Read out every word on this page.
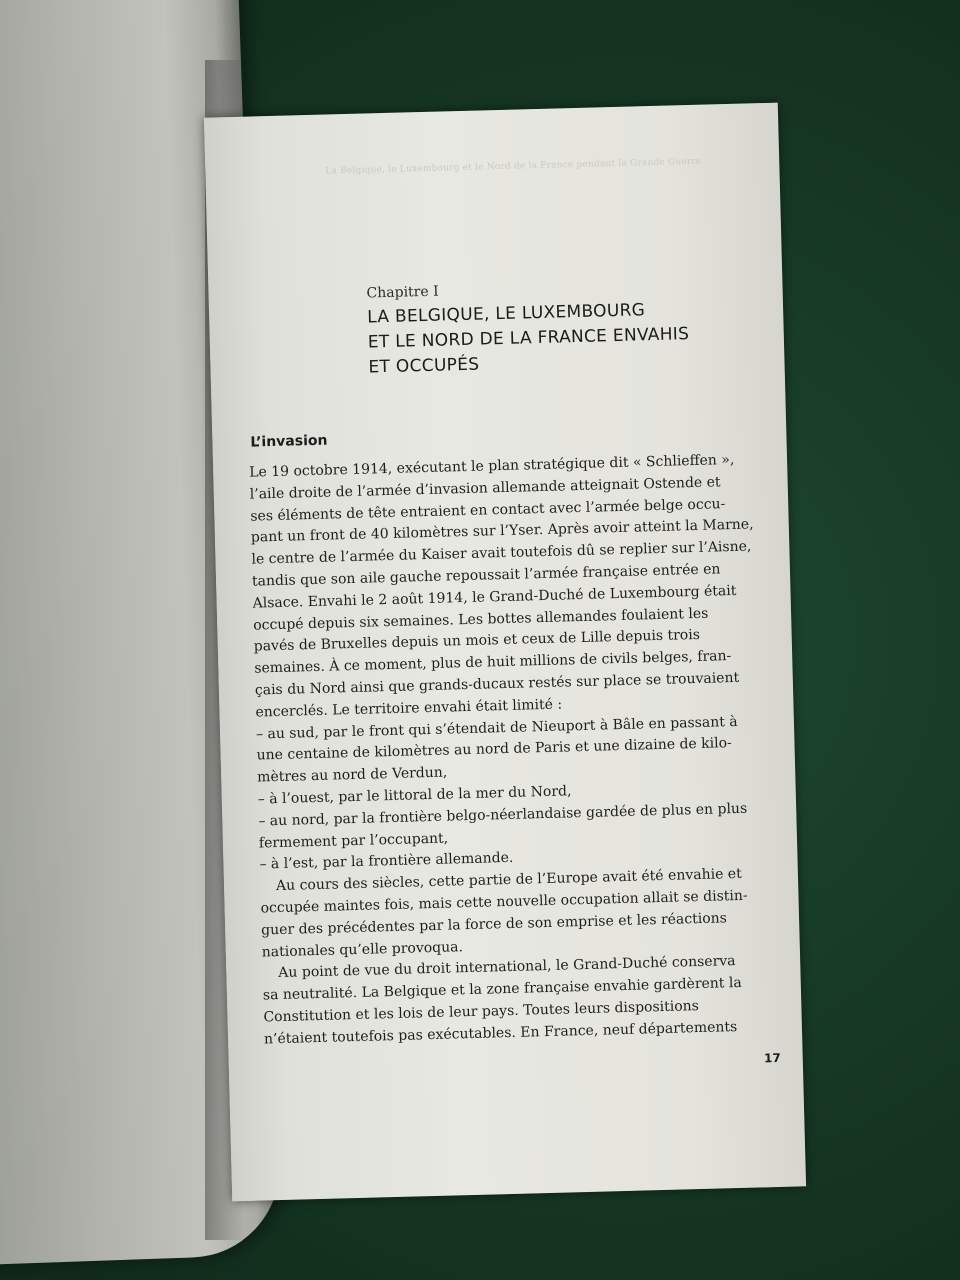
La Belgique, le Luxembourg et le Nord de la France pendant la Grande Guerre
Chapitre I
LA BELGIQUE, LE LUXEMBOURG
ET LE NORD DE LA FRANCE ENVAHIS
ET OCCUPÉS
L’invasion
Le 19 octobre 1914, exécutant le plan stratégique dit « Schlieffen »,
l’aile droite de l’armée d’invasion allemande atteignait Ostende et
ses éléments de tête entraient en contact avec l’armée belge occu-
pant un front de 40 kilomètres sur l’Yser. Après avoir atteint la Marne,
le centre de l’armée du Kaiser avait toutefois dû se replier sur l’Aisne,
tandis que son aile gauche repoussait l’armée française entrée en
Alsace. Envahi le 2 août 1914, le Grand-Duché de Luxembourg était
occupé depuis six semaines. Les bottes allemandes foulaient les
pavés de Bruxelles depuis un mois et ceux de Lille depuis trois
semaines. À ce moment, plus de huit millions de civils belges, fran-
çais du Nord ainsi que grands-ducaux restés sur place se trouvaient
encerclés. Le territoire envahi était limité :
– au sud, par le front qui s’étendait de Nieuport à Bâle en passant à
une centaine de kilomètres au nord de Paris et une dizaine de kilo-
mètres au nord de Verdun,
– à l’ouest, par le littoral de la mer du Nord,
– au nord, par la frontière belgo-néerlandaise gardée de plus en plus
fermement par l’occupant,
– à l’est, par la frontière allemande.
Au cours des siècles, cette partie de l’Europe avait été envahie et
occupée maintes fois, mais cette nouvelle occupation allait se distin-
guer des précédentes par la force de son emprise et les réactions
nationales qu’elle provoqua.
Au point de vue du droit international, le Grand-Duché conserva
sa neutralité. La Belgique et la zone française envahie gardèrent la
Constitution et les lois de leur pays. Toutes leurs dispositions
n’étaient toutefois pas exécutables. En France, neuf départements
17
